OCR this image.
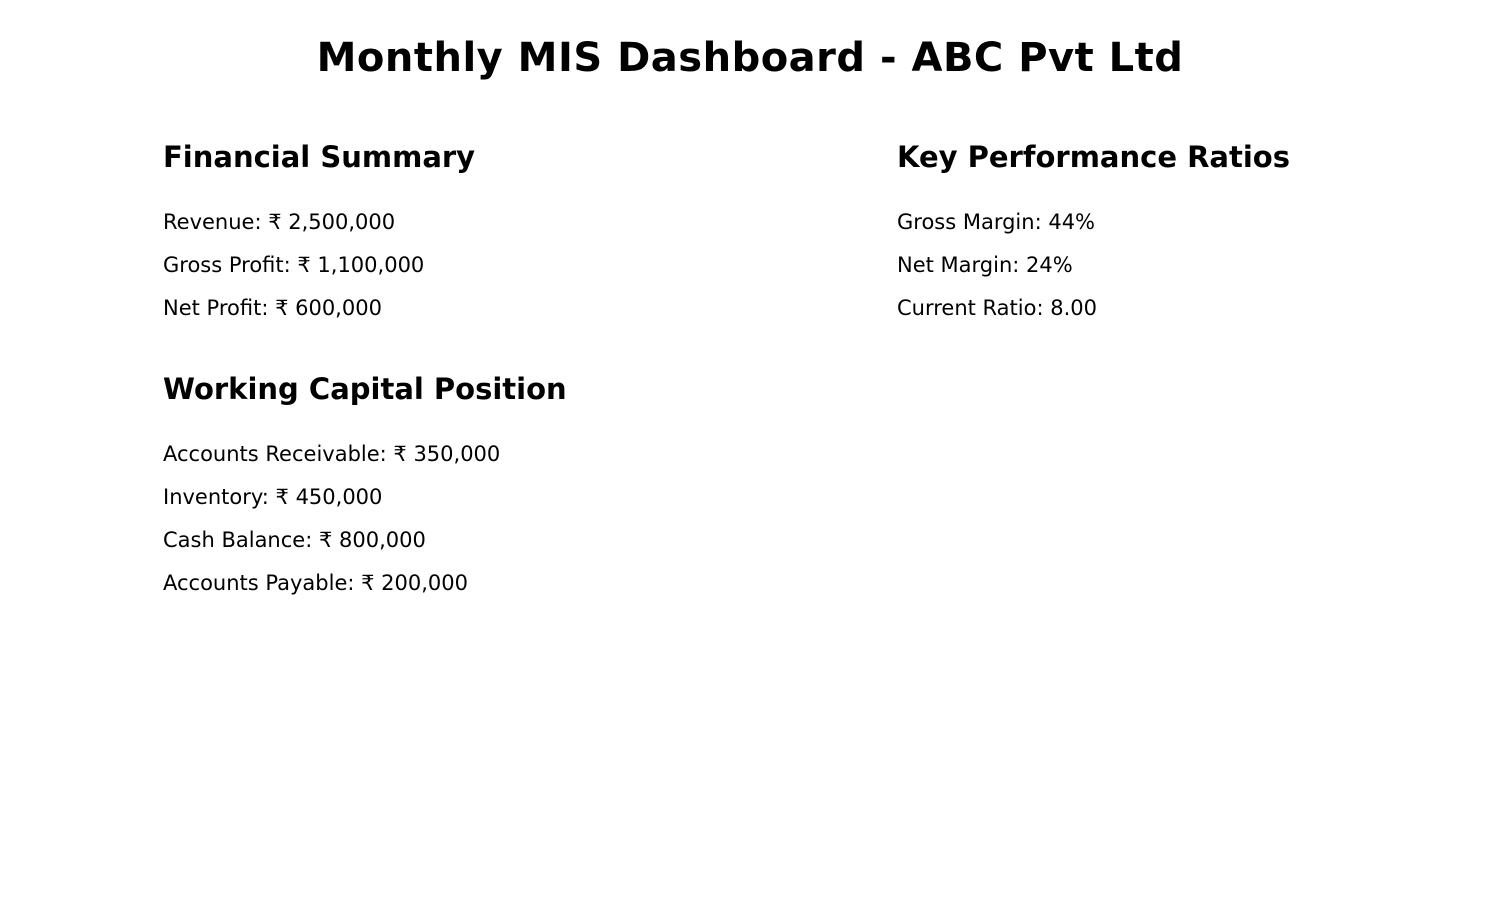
Monthly MIS Dashboard - ABC Pvt Ltd
Financial Summary

Revenue: ₹ 2,500,000

Gross Profit: ₹ 1,100,000

Net Profit: ₹ 600,000

Working Capital Position

Accounts Receivable: ₹ 350,000

Inventory: ₹ 450,000

Cash Balance: ₹ 800,000

Accounts Payable: ₹ 200,000

Key Performance Ratios

Gross Margin: 44%

Net Margin: 24%

Current Ratio: 8.00
